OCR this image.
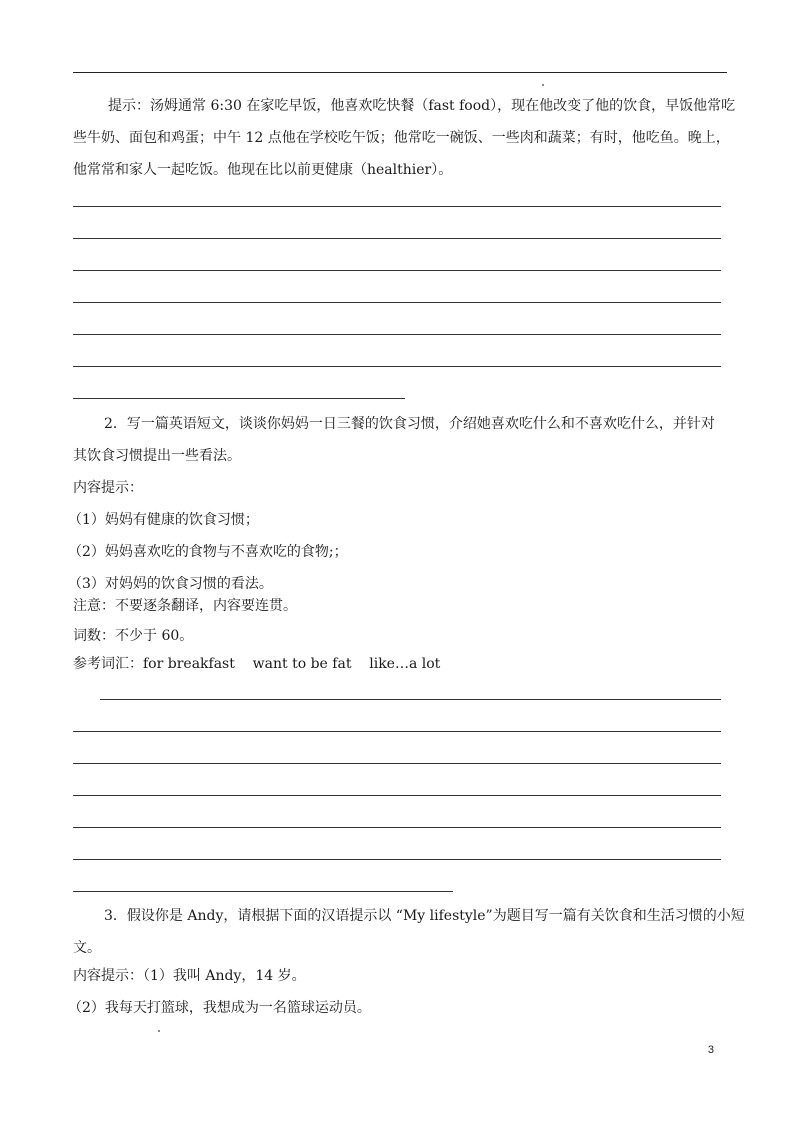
提示：汤姆通常 6:30 在家吃早饭，他喜欢吃快餐（fast food），现在他改变了他的饮食，早饭他常吃
些牛奶、面包和鸡蛋；中午 12 点他在学校吃午饭；他常吃一碗饭、一些肉和蔬菜；有时，他吃鱼。晚上，
他常常和家人一起吃饭。他现在比以前更健康（healthier）。
2．写一篇英语短文，谈谈你妈妈一日三餐的饮食习惯，介绍她喜欢吃什么和不喜欢吃什么，并针对
其饮食习惯提出一些看法。
内容提示：
（1）妈妈有健康的饮食习惯；
（2）妈妈喜欢吃的食物与不喜欢吃的食物;；
（3）对妈妈的饮食习惯的看法。
注意：不要逐条翻译，内容要连贯。
词数：不少于 60。
参考词汇：for breakfast    want to be fat    like…a lot
3．假设你是 Andy，请根据下面的汉语提示以 “My lifestyle”为题目写一篇有关饮食和生活习惯的小短
文。
内容提示：（1）我叫 Andy，14 岁。
（2）我每天打篮球，我想成为一名篮球运动员。
3
